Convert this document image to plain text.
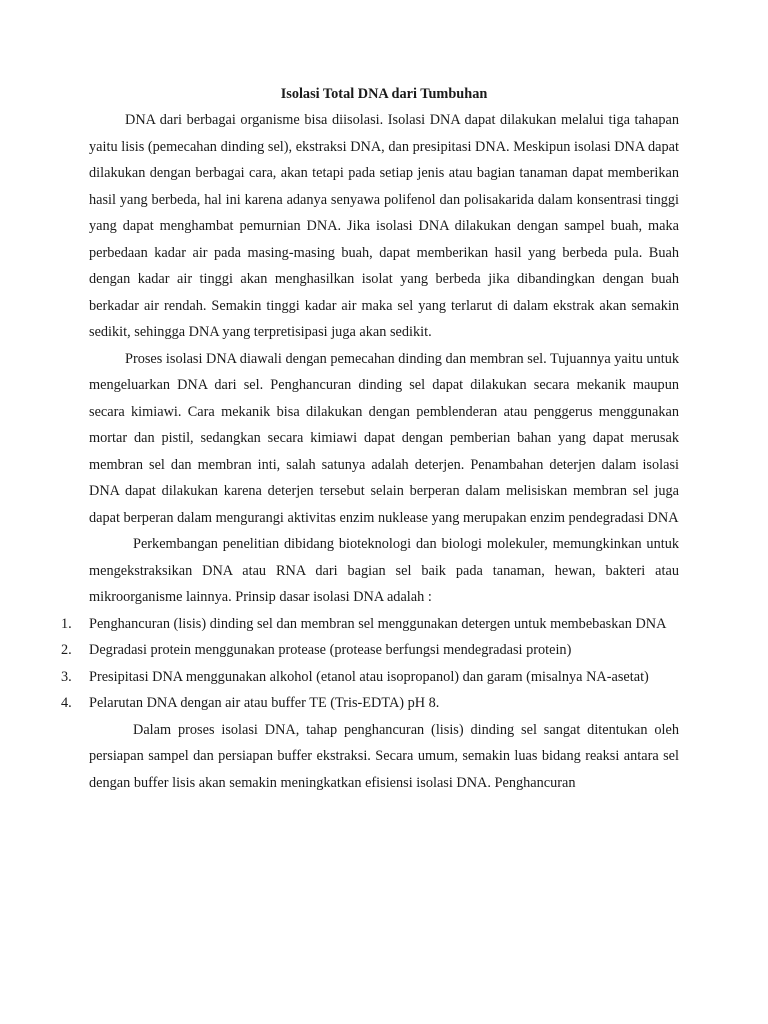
Isolasi Total DNA dari Tumbuhan

DNA dari berbagai organisme bisa diisolasi. Isolasi DNA dapat dilakukan melalui tiga tahapan yaitu lisis (pemecahan dinding sel), ekstraksi DNA, dan presipitasi DNA. Meskipun isolasi DNA dapat dilakukan dengan berbagai cara, akan tetapi pada setiap jenis atau bagian tanaman dapat memberikan hasil yang berbeda, hal ini karena adanya senyawa polifenol dan polisakarida dalam konsentrasi tinggi yang dapat menghambat pemurnian DNA. Jika isolasi DNA dilakukan dengan sampel buah, maka perbedaan kadar air pada masing-masing buah, dapat memberikan hasil yang berbeda pula. Buah dengan kadar air tinggi akan menghasilkan isolat yang berbeda jika dibandingkan dengan buah berkadar air rendah. Semakin tinggi kadar air maka sel yang terlarut di dalam ekstrak akan semakin sedikit, sehingga DNA yang terpretisipasi juga akan sedikit.

Proses isolasi DNA diawali dengan pemecahan dinding dan membran sel. Tujuannya yaitu untuk mengeluarkan DNA dari sel. Penghancuran dinding sel dapat dilakukan secara mekanik maupun secara kimiawi. Cara mekanik bisa dilakukan dengan pemblenderan atau penggerus menggunakan mortar dan pistil, sedangkan secara kimiawi dapat dengan pemberian bahan yang dapat merusak membran sel dan membran inti, salah satunya adalah deterjen. Penambahan deterjen dalam isolasi DNA dapat dilakukan karena deterjen tersebut selain berperan dalam melisiskan membran sel juga dapat berperan dalam mengurangi aktivitas enzim nuklease yang merupakan enzim pendegradasi DNA

Perkembangan penelitian dibidang bioteknologi dan biologi molekuler, memungkinkan untuk mengekstraksikan DNA atau RNA dari bagian sel baik pada tanaman, hewan, bakteri atau mikroorganisme lainnya. Prinsip dasar isolasi DNA adalah :

1.	Penghancuran (lisis) dinding sel dan membran sel menggunakan detergen untuk membebaskan DNA
2.	Degradasi protein menggunakan protease (protease berfungsi mendegradasi protein)
3.	Presipitasi DNA menggunakan alkohol (etanol atau isopropanol) dan garam (misalnya NA-asetat)
4.	Pelarutan DNA dengan air atau buffer TE (Tris-EDTA) pH 8.

Dalam proses isolasi DNA, tahap penghancuran (lisis) dinding sel sangat ditentukan oleh persiapan sampel dan persiapan buffer ekstraksi. Secara umum, semakin luas bidang reaksi antara sel dengan buffer lisis akan semakin meningkatkan efisiensi isolasi DNA. Penghancuran
